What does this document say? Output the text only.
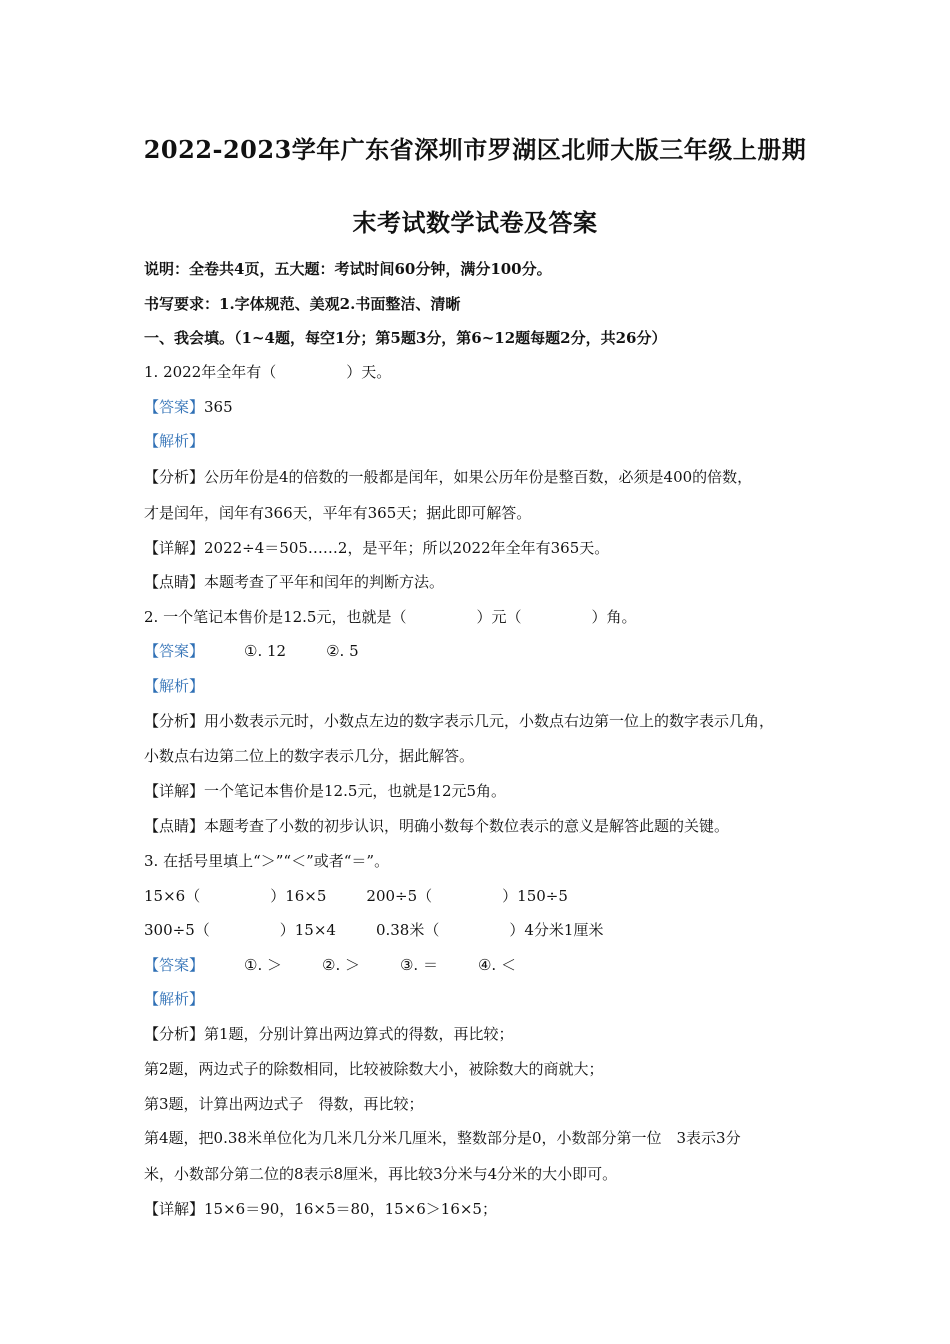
2022-2023学年广东省深圳市罗湖区北师大版三年级上册期
末考试数学试卷及答案
说明：全卷共4页，五大题：考试时间60分钟，满分100分。
书写要求：1.字体规范、美观2.书面整洁、清晰
一、我会填。（1~4题，每空1分；第5题3分，第6~12题每题2分，共26分）
1. 2022年全年有（	）天。
【答案】365
【解析】
【分析】公历年份是4的倍数的一般都是闰年，如果公历年份是整百数，必须是400的倍数，
才是闰年，闰年有366天，平年有365天；据此即可解答。
【详解】2022÷4＝505……2，是平年；所以2022年全年有365天。
【点睛】本题考查了平年和闰年的判断方法。
2. 一个笔记本售价是12.5元，也就是（	）元（	）角。
【答案】	①. 12	②. 5
【解析】
【分析】用小数表示元时，小数点左边的数字表示几元，小数点右边第一位上的数字表示几角，
小数点右边第二位上的数字表示几分，据此解答。
【详解】一个笔记本售价是12.5元，也就是12元5角。
【点睛】本题考查了小数的初步认识，明确小数每个数位表示的意义是解答此题的关键。
3. 在括号里填上“＞”“＜”或者“＝”。
15×6（	）16×5	200÷5（	）150÷5
300÷5（	）15×4	0.38米（	）4分米1厘米
【答案】	①. ＞	②. ＞	③. ＝	④. ＜
【解析】
【分析】第1题，分别计算出两边算式的得数，再比较；
第2题，两边式子的除数相同，比较被除数大小，被除数大的商就大；
第3题，计算出两边式子　得数，再比较；
第4题，把0.38米单位化为几米几分米几厘米，整数部分是0，小数部分第一位　3表示3分
米，小数部分第二位的8表示8厘米，再比较3分米与4分米的大小即可。
【详解】15×6＝90，16×5＝80，15×6＞16×5；
